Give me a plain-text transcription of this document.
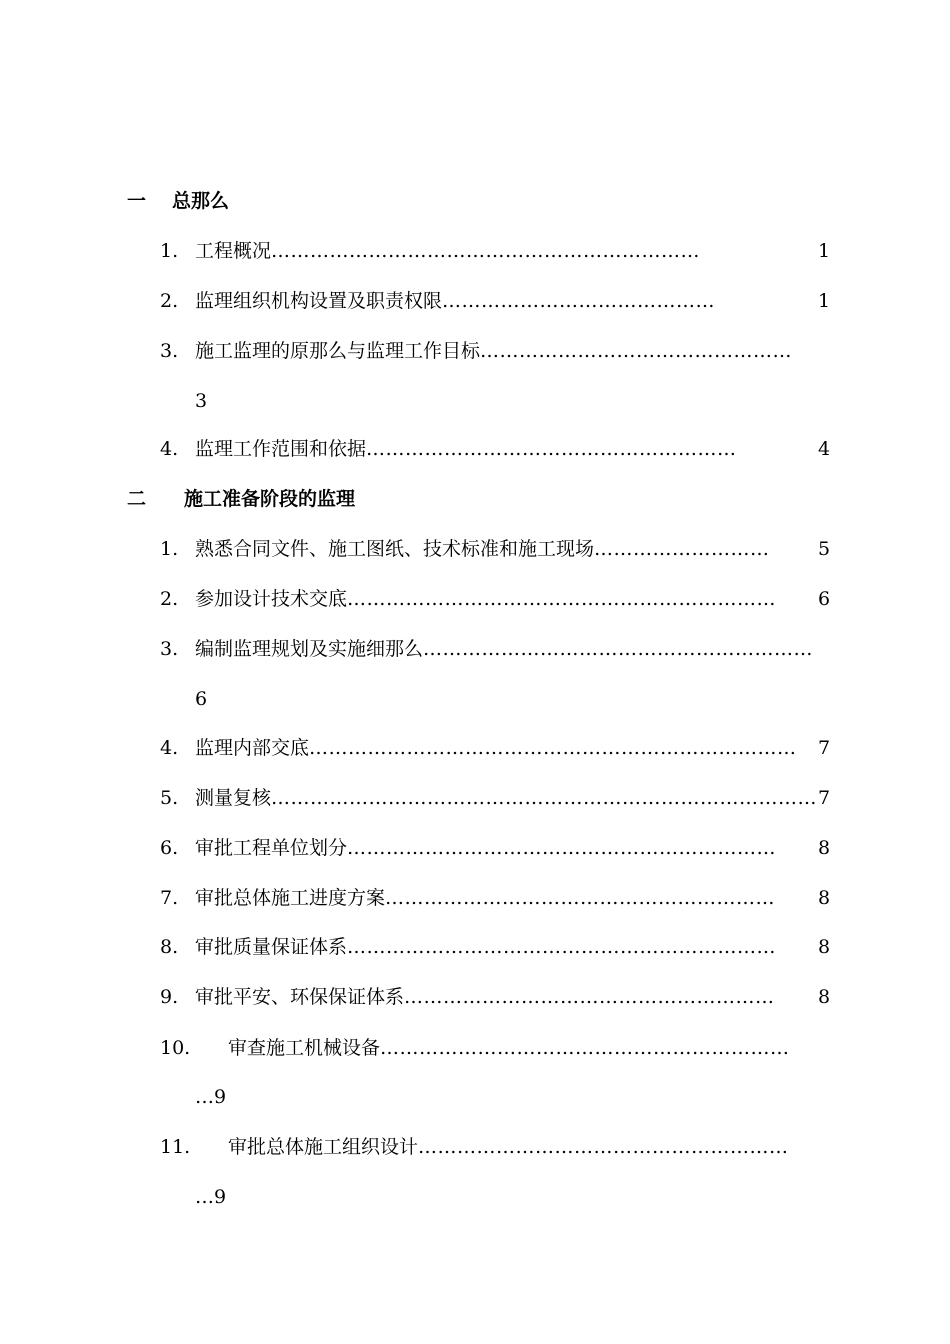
一 总那么
1. 工程概况…………………………………………………………	1
2. 监理组织机构设置及职责权限……………………………………	1
3. 施工监理的原那么与监理工作目标…………………………………………
3
4. 监理工作范围和依据…………………………………………………	4
二 施工准备阶段的监理
1. 熟悉合同文件、施工图纸、技术标准和施工现场………………………	5
2. 参加设计技术交底………………………………………………………… 6
3. 编制监理规划及实施细那么……………………………………………………
6
4. 监理内部交底………………………………………………………………… 7
5. 测量复核………………………………………………………………………… 7
6. 审批工程单位划分………………………………………………………… 8
7. 审批总体施工进度方案…………………………………………………… 8
8. 审批质量保证体系………………………………………………………… 8
9. 审批平安、环保保证体系………………………………………………… 8
10. 审查施工机械设备………………………………………………………
…9
11. 审批总体施工组织设计…………………………………………………
…9
